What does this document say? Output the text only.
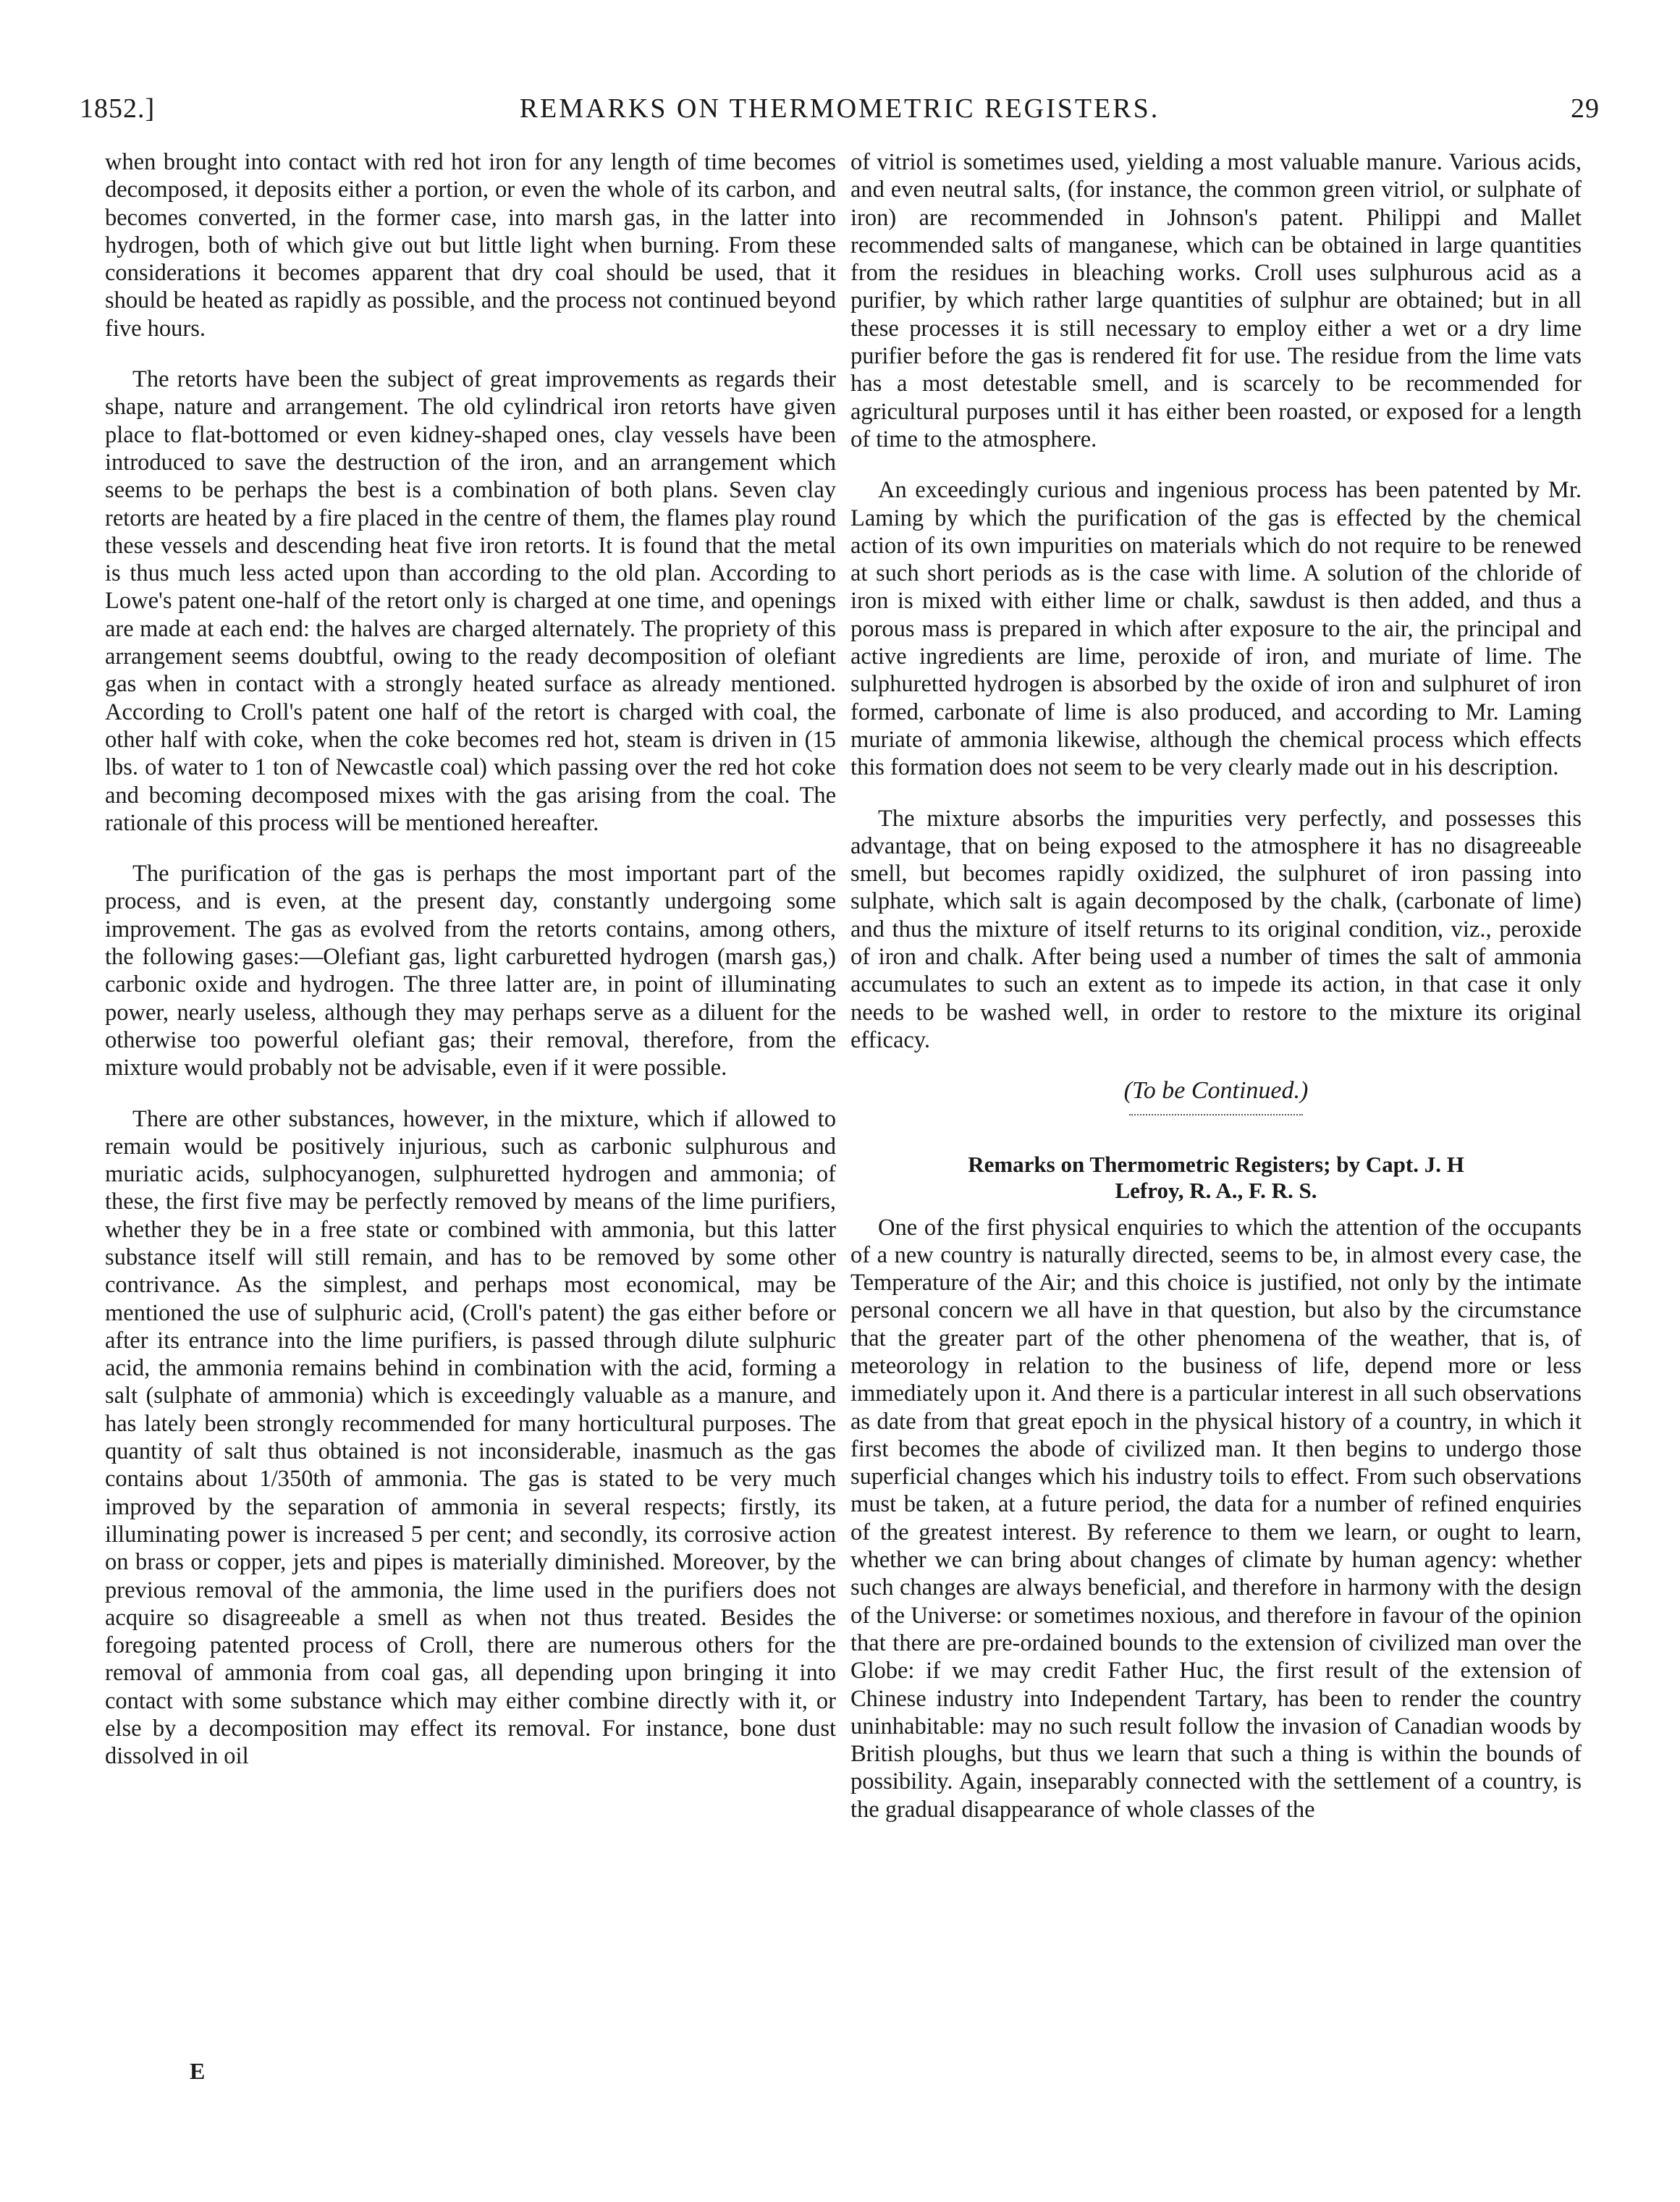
1852.]	REMARKS ON THERMOMETRIC REGISTERS.	29

when brought into contact with red hot iron for any length of time becomes decomposed, it deposits either a portion, or even the whole of its carbon, and becomes converted, in the former case, into marsh gas, in the latter into hydrogen, both of which give out but little light when burning. From these considerations it becomes apparent that dry coal should be used, that it should be heated as rapidly as possible, and the process not continued beyond five hours.

The retorts have been the subject of great improvements as regards their shape, nature and arrangement. The old cylindrical iron retorts have given place to flat-bottomed or even kidney-shaped ones, clay vessels have been introduced to save the destruction of the iron, and an arrangement which seems to be perhaps the best is a combination of both plans. Seven clay retorts are heated by a fire placed in the centre of them, the flames play round these vessels and descending heat five iron retorts. It is found that the metal is thus much less acted upon than according to the old plan. According to Lowe's patent one-half of the retort only is charged at one time, and openings are made at each end: the halves are charged alternately. The propriety of this arrangement seems doubtful, owing to the ready decomposition of olefiant gas when in contact with a strongly heated surface as already mentioned. According to Croll's patent one half of the retort is charged with coal, the other half with coke, when the coke becomes red hot, steam is driven in (15 lbs. of water to 1 ton of Newcastle coal) which passing over the red hot coke and becoming decomposed mixes with the gas arising from the coal. The rationale of this process will be mentioned hereafter.

The purification of the gas is perhaps the most important part of the process, and is even, at the present day, constantly undergoing some improvement. The gas as evolved from the retorts contains, among others, the following gases:—Olefiant gas, light carburetted hydrogen (marsh gas,) carbonic oxide and hydrogen. The three latter are, in point of illuminating power, nearly useless, although they may perhaps serve as a diluent for the otherwise too powerful olefiant gas; their removal, therefore, from the mixture would probably not be advisable, even if it were possible.

There are other substances, however, in the mixture, which if allowed to remain would be positively injurious, such as carbonic sulphurous and muriatic acids, sulphocyanogen, sulphuretted hydrogen and ammonia; of these, the first five may be perfectly removed by means of the lime purifiers, whether they be in a free state or combined with ammonia, but this latter substance itself will still remain, and has to be removed by some other contrivance. As the simplest, and perhaps most economical, may be mentioned the use of sulphuric acid, (Croll's patent) the gas either before or after its entrance into the lime purifiers, is passed through dilute sulphuric acid, the ammonia remains behind in combination with the acid, forming a salt (sulphate of ammonia) which is exceedingly valuable as a manure, and has lately been strongly recommended for many horticultural purposes. The quantity of salt thus obtained is not inconsiderable, inasmuch as the gas contains about 1/350th of ammonia. The gas is stated to be very much improved by the separation of ammonia in several respects; firstly, its illuminating power is increased 5 per cent; and secondly, its corrosive action on brass or copper, jets and pipes is materially diminished. Moreover, by the previous removal of the ammonia, the lime used in the purifiers does not acquire so disagreeable a smell as when not thus treated. Besides the foregoing patented process of Croll, there are numerous others for the removal of ammonia from coal gas, all depending upon bringing it into contact with some substance which may either combine directly with it, or else by a decomposition may effect its removal. For instance, bone dust dissolved in oil

E

of vitriol is sometimes used, yielding a most valuable manure. Various acids, and even neutral salts, (for instance, the common green vitriol, or sulphate of iron) are recommended in Johnson's patent. Philippi and Mallet recommended salts of manganese, which can be obtained in large quantities from the residues in bleaching works. Croll uses sulphurous acid as a purifier, by which rather large quantities of sulphur are obtained; but in all these processes it is still necessary to employ either a wet or a dry lime purifier before the gas is rendered fit for use. The residue from the lime vats has a most detestable smell, and is scarcely to be recommended for agricultural purposes until it has either been roasted, or exposed for a length of time to the atmosphere.

An exceedingly curious and ingenious process has been patented by Mr. Laming by which the purification of the gas is effected by the chemical action of its own impurities on materials which do not require to be renewed at such short periods as is the case with lime. A solution of the chloride of iron is mixed with either lime or chalk, sawdust is then added, and thus a porous mass is prepared in which after exposure to the air, the principal and active ingredients are lime, peroxide of iron, and muriate of lime. The sulphuretted hydrogen is absorbed by the oxide of iron and sulphuret of iron formed, carbonate of lime is also produced, and according to Mr. Laming muriate of ammonia likewise, although the chemical process which effects this formation does not seem to be very clearly made out in his description.

The mixture absorbs the impurities very perfectly, and possesses this advantage, that on being exposed to the atmosphere it has no disagreeable smell, but becomes rapidly oxidized, the sulphuret of iron passing into sulphate, which salt is again decomposed by the chalk, (carbonate of lime) and thus the mixture of itself returns to its original condition, viz., peroxide of iron and chalk. After being used a number of times the salt of ammonia accumulates to such an extent as to impede its action, in that case it only needs to be washed well, in order to restore to the mixture its original efficacy.

(To be Continued.)
Remarks on Thermometric Registers; by Capt. J. H
Lefroy, R. A., F. R. S.

One of the first physical enquiries to which the attention of the occupants of a new country is naturally directed, seems to be, in almost every case, the Temperature of the Air; and this choice is justified, not only by the intimate personal concern we all have in that question, but also by the circumstance that the greater part of the other phenomena of the weather, that is, of meteorology in relation to the business of life, depend more or less immediately upon it. And there is a particular interest in all such observations as date from that great epoch in the physical history of a country, in which it first becomes the abode of civilized man. It then begins to undergo those superficial changes which his industry toils to effect. From such observations must be taken, at a future period, the data for a number of refined enquiries of the greatest interest. By reference to them we learn, or ought to learn, whether we can bring about changes of climate by human agency: whether such changes are always beneficial, and therefore in harmony with the design of the Universe: or sometimes noxious, and therefore in favour of the opinion that there are pre-ordained bounds to the extension of civilized man over the Globe: if we may credit Father Huc, the first result of the extension of Chinese industry into Independent Tartary, has been to render the country uninhabitable: may no such result follow the invasion of Canadian woods by British ploughs, but thus we learn that such a thing is within the bounds of possibility. Again, inseparably connected with the settlement of a country, is the gradual disappearance of whole classes of the
